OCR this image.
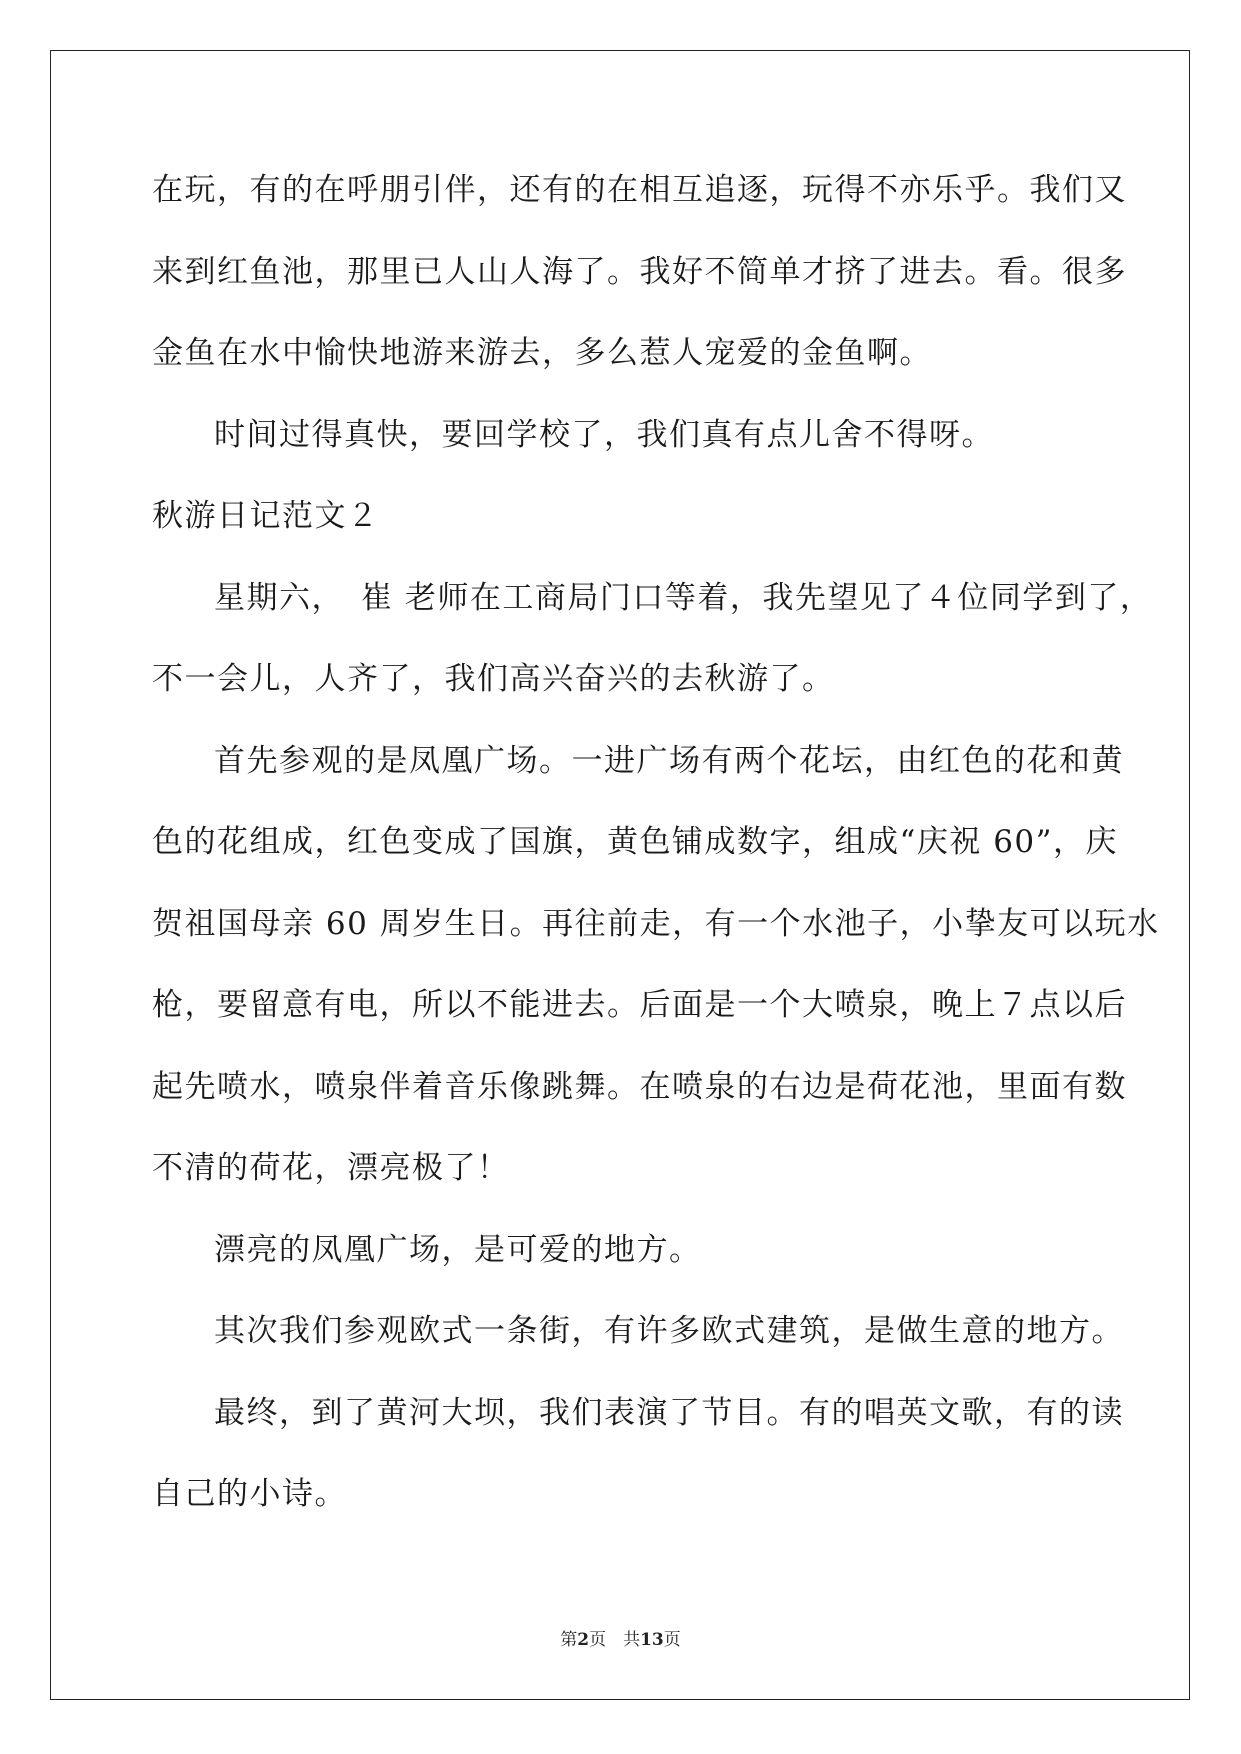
在玩，有的在呼朋引伴，还有的在相互追逐，玩得不亦乐乎。我们又
来到红鱼池，那里已人山人海了。我好不简单才挤了进去。看。很多
金鱼在水中愉快地游来游去，多么惹人宠爱的金鱼啊。
时间过得真快，要回学校了，我们真有点儿舍不得呀。
秋游日记范文２
星期六，　崔 老师在工商局门口等着，我先望见了４位同学到了，
不一会儿，人齐了，我们高兴奋兴的去秋游了。
首先参观的是凤凰广场。一进广场有两个花坛，由红色的花和黄
色的花组成，红色变成了国旗，黄色铺成数字，组成“庆祝 60”，庆
贺祖国母亲 60 周岁生日。再往前走，有一个水池子，小挚友可以玩水
枪，要留意有电，所以不能进去。后面是一个大喷泉，晚上７点以后
起先喷水，喷泉伴着音乐像跳舞。在喷泉的右边是荷花池，里面有数
不清的荷花，漂亮极了！
漂亮的凤凰广场，是可爱的地方。
其次我们参观欧式一条街，有许多欧式建筑，是做生意的地方。
最终，到了黄河大坝，我们表演了节目。有的唱英文歌，有的读
自己的小诗。
第2页　共13页
